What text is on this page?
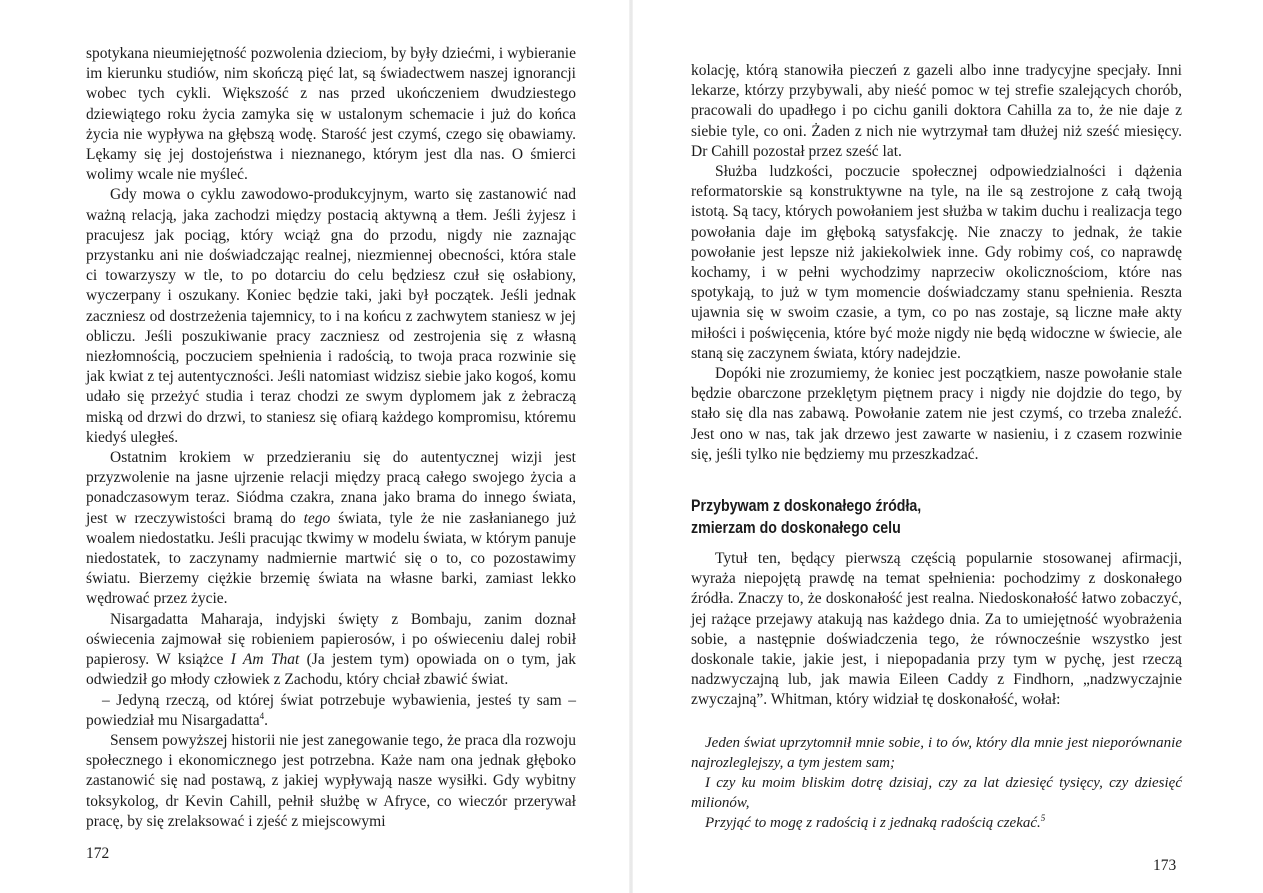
spotykana nieumiejętność pozwolenia dzieciom, by były dziećmi, i wybieranie im kierunku studiów, nim skończą pięć lat, są świadectwem naszej ignorancji wobec tych cykli. Większość z nas przed ukończeniem dwudziestego dziewiątego roku życia zamyka się w ustalonym schemacie i już do końca życia nie wypływa na głębszą wodę. Starość jest czymś, czego się obawiamy. Lękamy się jej dostojeństwa i nieznanego, którym jest dla nas. O śmierci wolimy wcale nie myśleć.

Gdy mowa o cyklu zawodowo-produkcyjnym, warto się zastanowić nad ważną relacją, jaka zachodzi między postacią aktywną a tłem. Jeśli żyjesz i pracujesz jak pociąg, który wciąż gna do przodu, nigdy nie zaznając przystanku ani nie doświadczając realnej, niezmiennej obecności, która stale ci towarzyszy w tle, to po dotarciu do celu będziesz czuł się osłabiony, wyczerpany i oszukany. Koniec będzie taki, jaki był początek. Jeśli jednak zaczniesz od dostrzeżenia tajemnicy, to i na końcu z zachwytem staniesz w jej obliczu. Jeśli poszukiwanie pracy zaczniesz od zestrojenia się z własną niezłomnością, poczuciem spełnienia i radością, to twoja praca rozwinie się jak kwiat z tej autentyczności. Jeśli natomiast widzisz siebie jako kogoś, komu udało się przeżyć studia i teraz chodzi ze swym dyplomem jak z żebraczą miską od drzwi do drzwi, to staniesz się ofiarą każdego kompromisu, któremu kiedyś uległeś.

Ostatnim krokiem w przedzieraniu się do autentycznej wizji jest przyzwolenie na jasne ujrzenie relacji między pracą całego swojego życia a ponadczasowym teraz. Siódma czakra, znana jako brama do innego świata, jest w rzeczywistości bramą do tego świata, tyle że nie zasłanianego już woalem niedostatku. Jeśli pracując tkwimy w modelu świata, w którym panuje niedostatek, to zaczynamy nadmiernie martwić się o to, co pozostawimy światu. Bierzemy ciężkie brzemię świata na własne barki, zamiast lekko wędrować przez życie.

Nisargadatta Maharaja, indyjski święty z Bombaju, zanim doznał oświecenia zajmował się robieniem papierosów, i po oświeceniu dalej robił papierosy. W książce I Am That (Ja jestem tym) opowiada on o tym, jak odwiedził go młody człowiek z Zachodu, który chciał zbawić świat.

– Jedyną rzeczą, od której świat potrzebuje wybawienia, jesteś ty sam – powiedział mu Nisargadatta$^4$.

Sensem powyższej historii nie jest zanegowanie tego, że praca dla rozwoju społecznego i ekonomicznego jest potrzebna. Każe nam ona jednak głęboko zastanowić się nad postawą, z jakiej wypływają nasze wysiłki. Gdy wybitny toksykolog, dr Kevin Cahill, pełnił służbę w Afryce, co wieczór przerywał pracę, by się zrelaksować i zjeść z miejscowymi

172

kolację, którą stanowiła pieczeń z gazeli albo inne tradycyjne specjały. Inni lekarze, którzy przybywali, aby nieść pomoc w tej strefie szalejących chorób, pracowali do upadłego i po cichu ganili doktora Cahilla za to, że nie daje z siebie tyle, co oni. Żaden z nich nie wytrzymał tam dłużej niż sześć miesięcy. Dr Cahill pozostał przez sześć lat.

Służba ludzkości, poczucie społecznej odpowiedzialności i dążenia reformatorskie są konstruktywne na tyle, na ile są zestrojone z całą twoją istotą. Są tacy, których powołaniem jest służba w takim duchu i realizacja tego powołania daje im głęboką satysfakcję. Nie znaczy to jednak, że takie powołanie jest lepsze niż jakiekolwiek inne. Gdy robimy coś, co naprawdę kochamy, i w pełni wychodzimy naprzeciw okolicznościom, które nas spotykają, to już w tym momencie doświadczamy stanu spełnienia. Reszta ujawnia się w swoim czasie, a tym, co po nas zostaje, są liczne małe akty miłości i poświęcenia, które być może nigdy nie będą widoczne w świecie, ale staną się zaczynem świata, który nadejdzie.

Dopóki nie zrozumiemy, że koniec jest początkiem, nasze powołanie stale będzie obarczone przeklętym piętnem pracy i nigdy nie dojdzie do tego, by stało się dla nas zabawą. Powołanie zatem nie jest czymś, co trzeba znaleźć. Jest ono w nas, tak jak drzewo jest zawarte w nasieniu, i z czasem rozwinie się, jeśli tylko nie będziemy mu przeszkadzać.

Przybywam z doskonałego źródła,
zmierzam do doskonałego celu

Tytuł ten, będący pierwszą częścią popularnie stosowanej afirmacji, wyraża niepojętą prawdę na temat spełnienia: pochodzimy z doskonałego źródła. Znaczy to, że doskonałość jest realna. Niedoskonałość łatwo zobaczyć, jej rażące przejawy atakują nas każdego dnia. Za to umiejętność wyobrażenia sobie, a następnie doświadczenia tego, że równocześnie wszystko jest doskonale takie, jakie jest, i niepopadania przy tym w pychę, jest rzeczą nadzwyczajną lub, jak mawia Eileen Caddy z Findhorn, „nadzwyczajnie zwyczajną”. Whitman, który widział tę doskonałość, wołał:

Jeden świat uprzytomnił mnie sobie, i to ów, który dla mnie jest nieporównanie najrozleglejszy, a tym jestem sam;

I czy ku moim bliskim dotrę dzisiaj, czy za lat dziesięć tysięcy, czy dziesięć milionów,

Przyjąć to mogę z radością i z jednaką radością czekać.$^5$

173
